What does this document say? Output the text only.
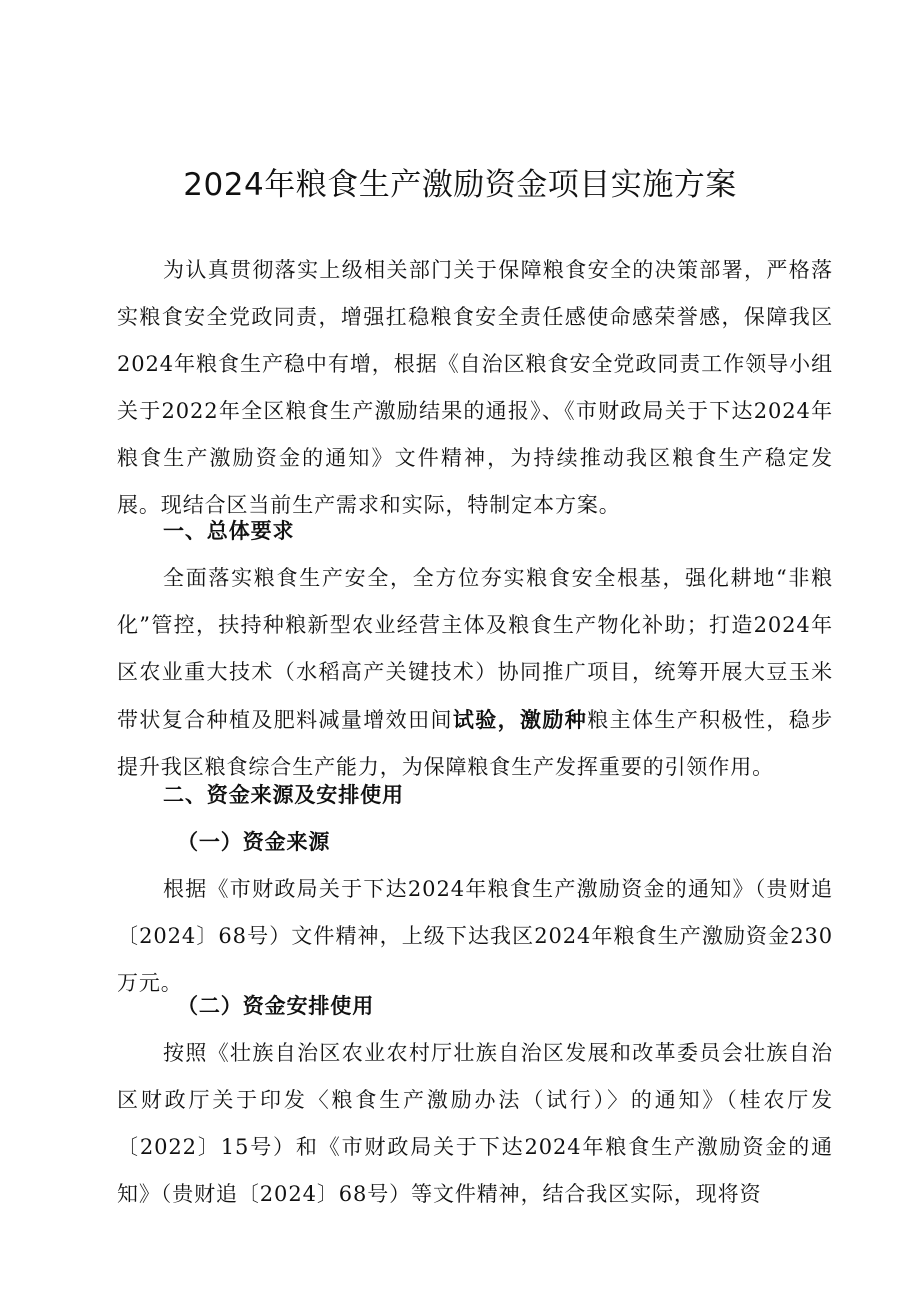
2024年粮食生产激励资金项目实施方案

为认真贯彻落实上级相关部门关于保障粮食安全的决策部署，严格落实粮食安全党政同责，增强扛稳粮食安全责任感使命感荣誉感，保障我区2024年粮食生产稳中有增，根据《自治区粮食安全党政同责工作领导小组关于2022年全区粮食生产激励结果的通报》、《市财政局关于下达2024年粮食生产激励资金的通知》文件精神，为持续推动我区粮食生产稳定发展。现结合区当前生产需求和实际，特制定本方案。

一、总体要求

全面落实粮食生产安全，全方位夯实粮食安全根基，强化耕地“非粮化”管控，扶持种粮新型农业经营主体及粮食生产物化补助；打造2024年区农业重大技术（水稻高产关键技术）协同推广项目，统筹开展大豆玉米带状复合种植及肥料减量增效田间试验，激励种粮主体生产积极性，稳步提升我区粮食综合生产能力，为保障粮食生产发挥重要的引领作用。

二、资金来源及安排使用
（一）资金来源

根据《市财政局关于下达2024年粮食生产激励资金的通知》（贵财追〔2024〕68号）文件精神，上级下达我区2024年粮食生产激励资金230万元。

（二）资金安排使用

按照《壮族自治区农业农村厅壮族自治区发展和改革委员会壮族自治区财政厅关于印发〈粮食生产激励办法（试行）〉的通知》（桂农厅发〔2022〕15号）和《市财政局关于下达2024年粮食生产激励资金的通知》（贵财追〔2024〕68号）等文件精神，结合我区实际，现将资
